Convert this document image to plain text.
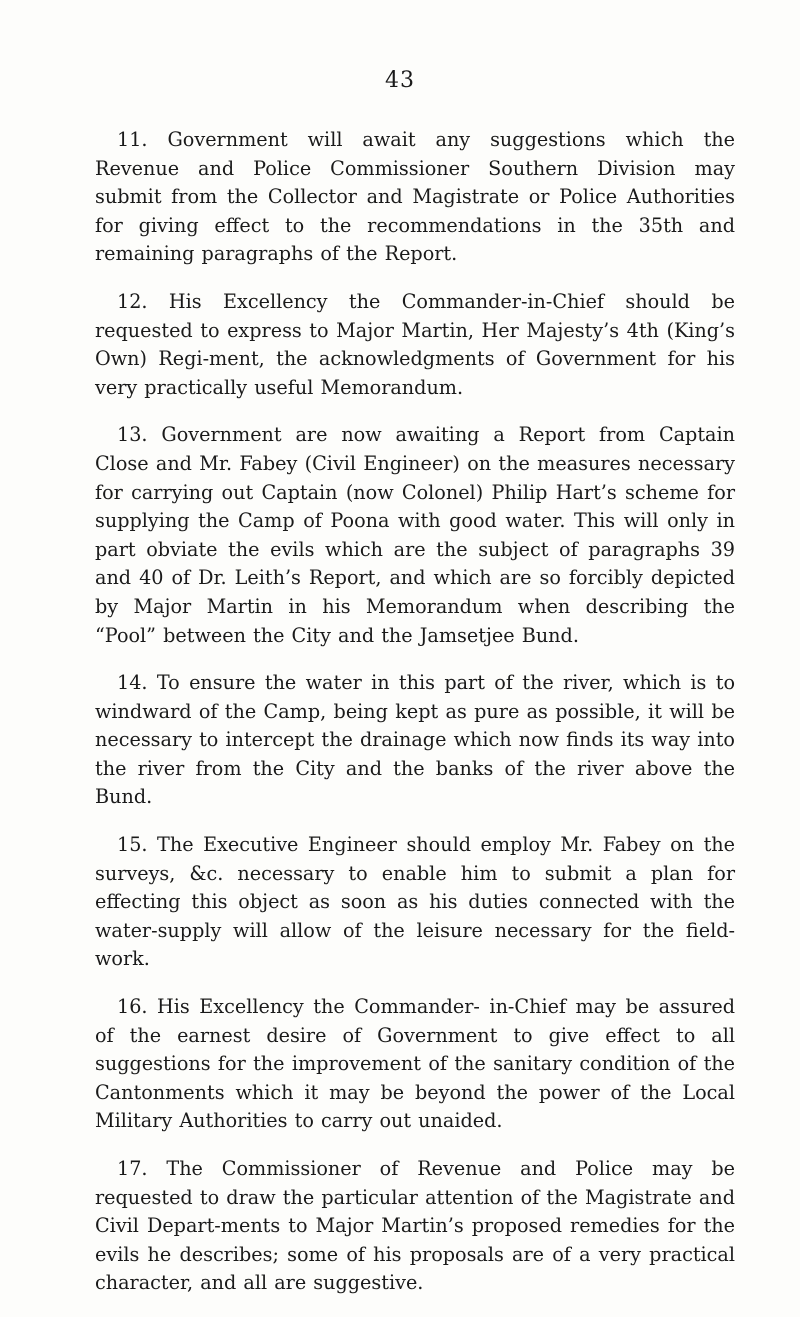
43

11. Government will await any suggestions which the Revenue and Police Commissioner Southern Division may submit from the Collector and Magistrate or Police Authorities for giving effect to the recommendations in the 35th and remaining paragraphs of the Report.

12. His Excellency the Commander-in-Chief should be requested to express to Major Martin, Her Majesty’s 4th (King’s Own) Regi-ment, the acknowledgments of Government for his very practically useful Memorandum.

13. Government are now awaiting a Report from Captain Close and Mr. Fabey (Civil Engineer) on the measures necessary for carrying out Captain (now Colonel) Philip Hart’s scheme for supplying the Camp of Poona with good water. This will only in part obviate the evils which are the subject of paragraphs 39 and 40 of Dr. Leith’s Report, and which are so forcibly depicted by Major Martin in his Memorandum when describing the “Pool” between the City and the Jamsetjee Bund.

14. To ensure the water in this part of the river, which is to windward of the Camp, being kept as pure as possible, it will be necessary to intercept the drainage which now finds its way into the river from the City and the banks of the river above the Bund.

15. The Executive Engineer should employ Mr. Fabey on the surveys, &c. necessary to enable him to submit a plan for effecting this object as soon as his duties connected with the water-supply will allow of the leisure necessary for the field-work.

16. His Excellency the Commander- in-Chief may be assured of the earnest desire of Government to give effect to all suggestions for the improvement of the sanitary condition of the Cantonments which it may be beyond the power of the Local Military Authorities to carry out unaided.

17. The Commissioner of Revenue and Police may be requested to draw the particular attention of the Magistrate and Civil Depart-ments to Major Martin’s proposed remedies for the evils he describes; some of his proposals are of a very practical character, and all are suggestive.
